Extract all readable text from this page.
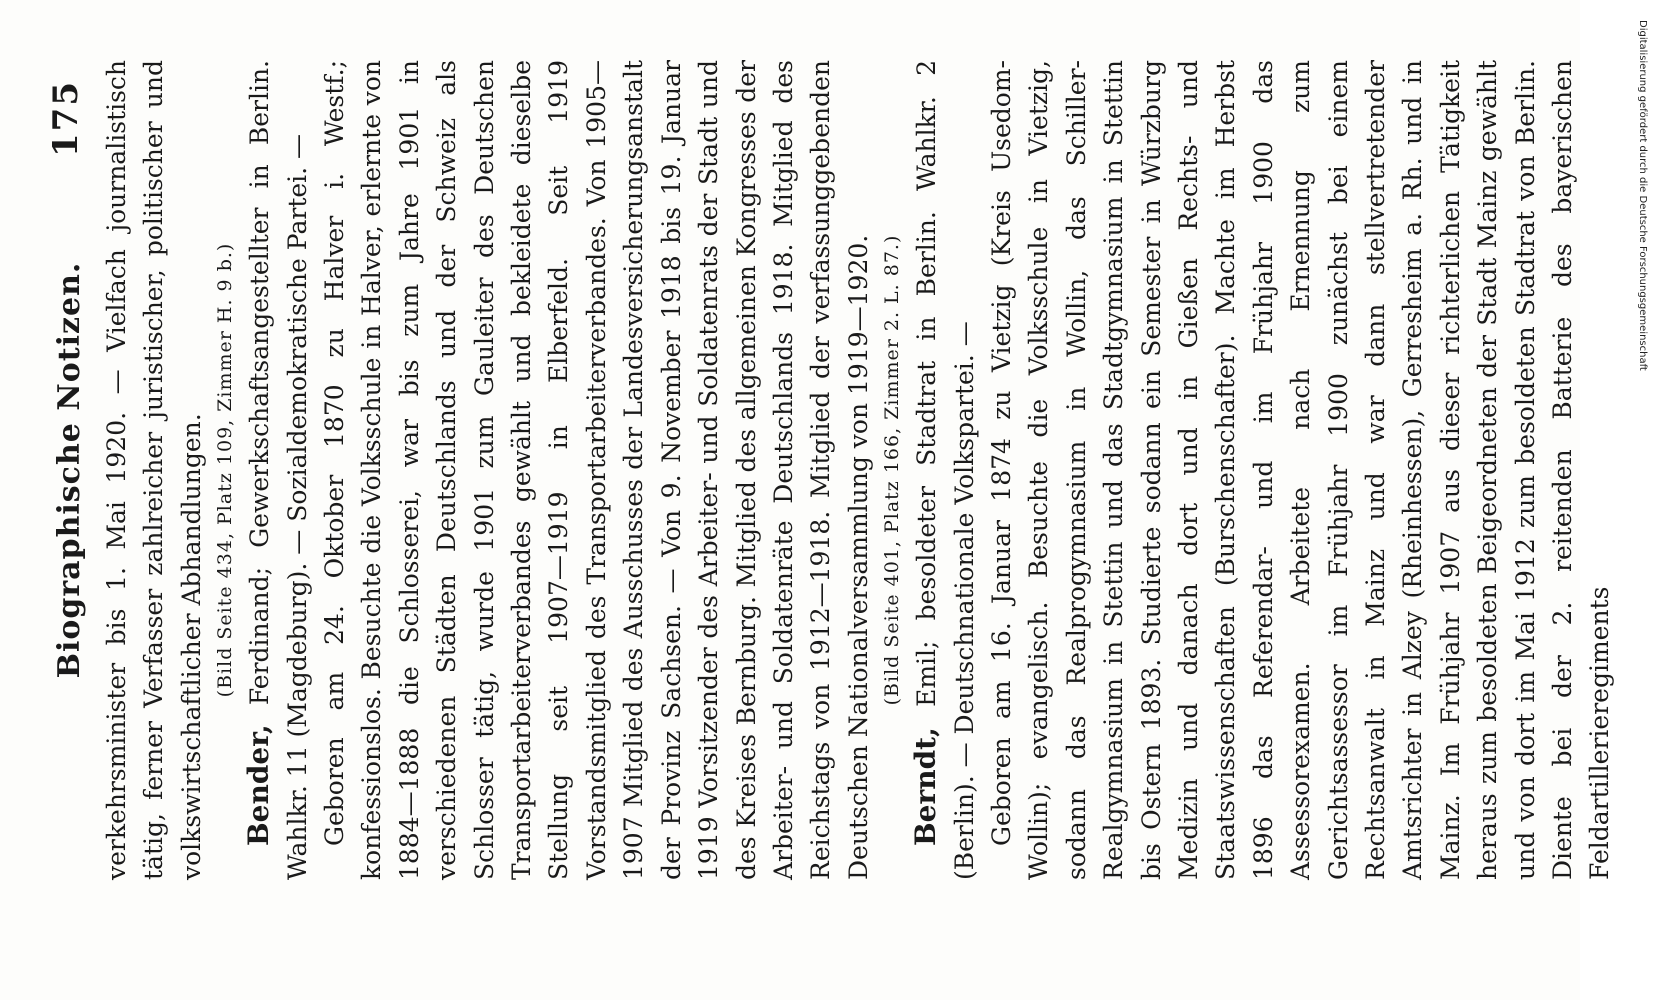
Biographische Notizen.
175 verkehrsminister bis 1. Mai 1920. — Vielfach journalistisch tätig, ferner Verfasser zahlreicher juristischer, politischer und volkswirtschaftlicher Abhandlungen. (Bild Seite 434, Platz 109, Zimmer H. 9 b.)

Bender, Ferdinand; Gewerkschaftsangestellter in Berlin. Wahlkr. 11 (Magdeburg). — Sozialdemokratische Partei. — Geboren am 24. Oktober 1870 zu Halver i. Westf.; konfessionslos. Besuchte die Volksschule in Halver, erlernte von 1884—1888 die Schlosserei, war bis zum Jahre 1901 in verschiedenen Städten Deutschlands und der Schweiz als Schlosser tätig, wurde 1901 zum Gauleiter des Deutschen Transportarbeiterverbandes gewählt und bekleidete dieselbe Stellung seit 1907—1919 in Elberfeld. Seit 1919 Vorstandsmitglied des Transportarbeiterverbandes. Von 1905—1907 Mitglied des Ausschusses der Landesversicherungsanstalt der Provinz Sachsen. — Von 9. November 1918 bis 19. Januar 1919 Vorsitzender des Arbeiter- und Soldatenrats der Stadt und des Kreises Bernburg. Mitglied des allgemeinen Kongresses der Arbeiter- und Soldatenräte Deutschlands 1918. Mitglied des Reichstags von 1912—1918. Mitglied der verfassunggebenden Deutschen Nationalversammlung von 1919—1920. (Bild Seite 401, Platz 166, Zimmer 2. L. 87.)

Berndt, Emil; besoldeter Stadtrat in Berlin. Wahlkr. 2 (Berlin). — Deutschnationale Volkspartei. — Geboren am 16. Januar 1874 zu Vietzig (Kreis Usedom-Wollin); evangelisch. Besuchte die Volksschule in Vietzig, sodann das Realprogymnasium in Wollin, das Schiller-Realgymnasium in Stettin und das Stadtgymnasium in Stettin bis Ostern 1893. Studierte sodann ein Semester in Würzburg Medizin und danach dort und in Gießen Rechts- und Staatswissenschaften (Burschenschafter). Machte im Herbst 1896 das Referendar- und im Frühjahr 1900 das Assessorexamen. Arbeitete nach Ernennung zum Gerichtsassessor im Frühjahr 1900 zunächst bei einem Rechtsanwalt in Mainz und war dann stellvertretender Amtsrichter in Alzey (Rheinhessen), Gerresheim a. Rh. und in Mainz. Im Frühjahr 1907 aus dieser richterlichen Tätigkeit heraus zum besoldeten Beigeordneten der Stadt Mainz gewählt und von dort im Mai 1912 zum besoldeten Stadtrat von Berlin. Diente bei der 2. reitenden Batterie des bayerischen Feldartillerieregiments

Digitalisierung gefördert durch die Deutsche Forschungsgemeinschaft
